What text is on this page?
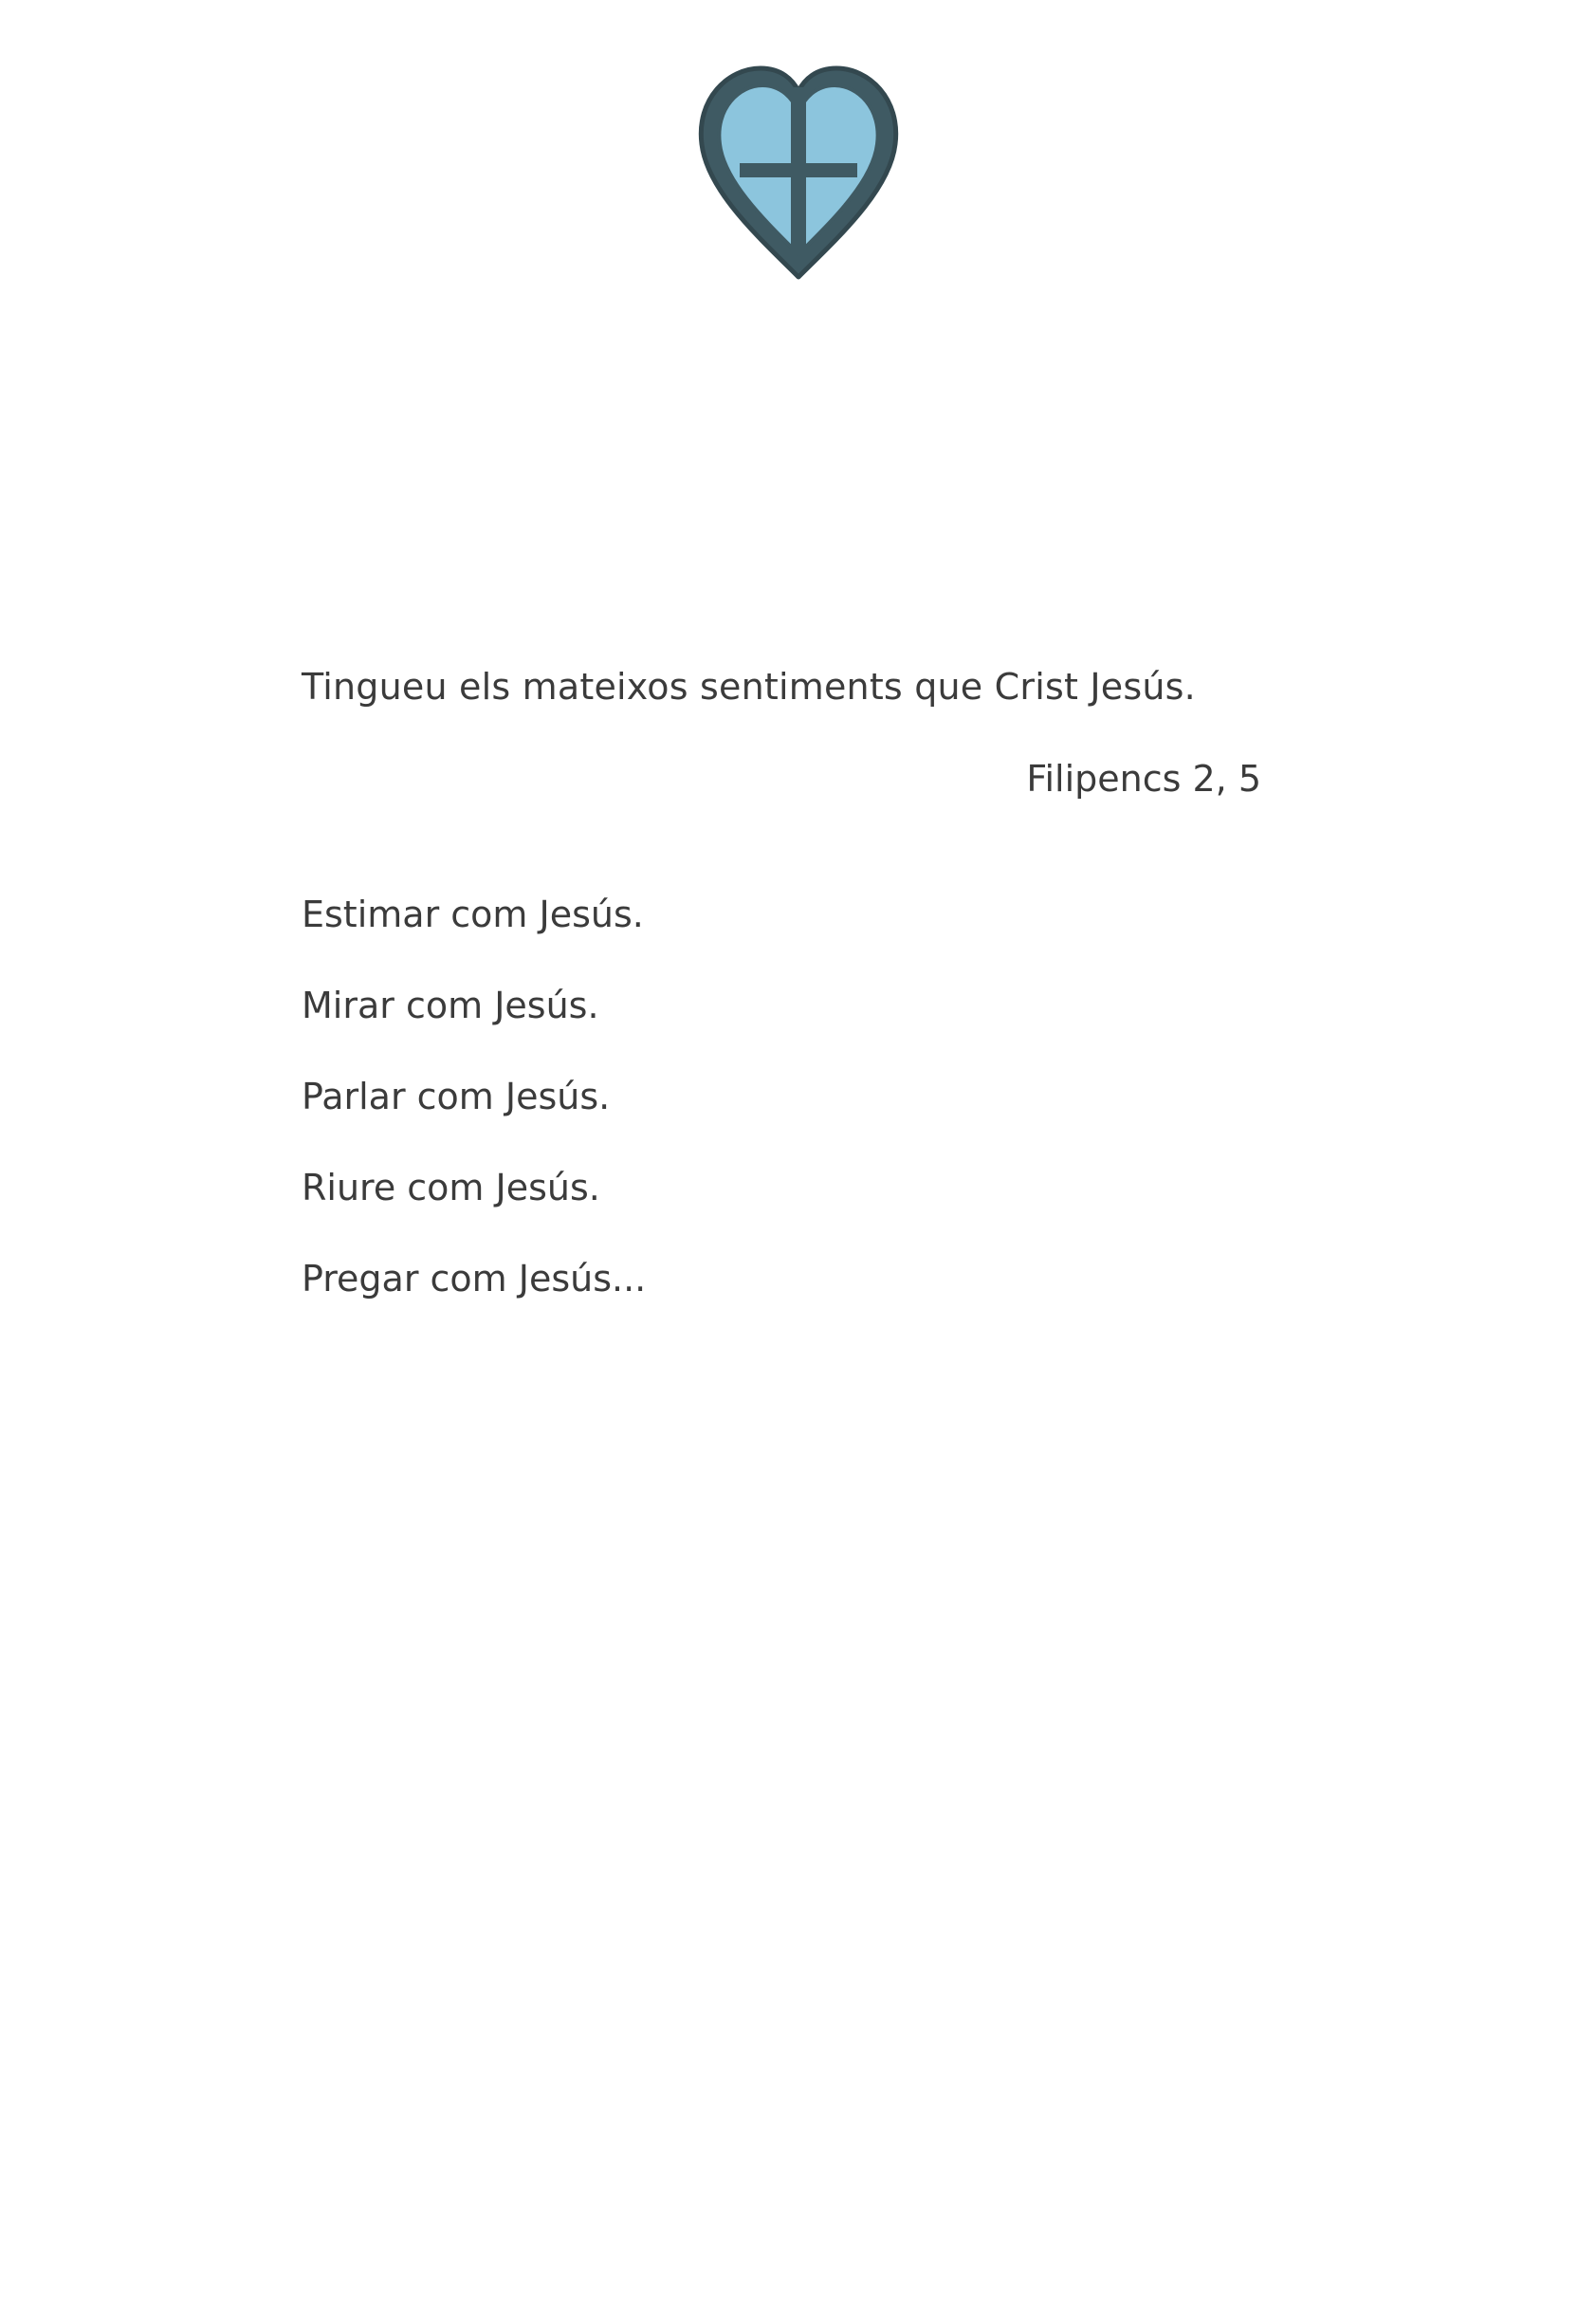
Tingueu els mateixos sentiments que Crist Jesús.
Filipencs 2, 5
Estimar com Jesús.
Mirar com Jesús.
Parlar com Jesús.
Riure com Jesús.
Pregar com Jesús...
